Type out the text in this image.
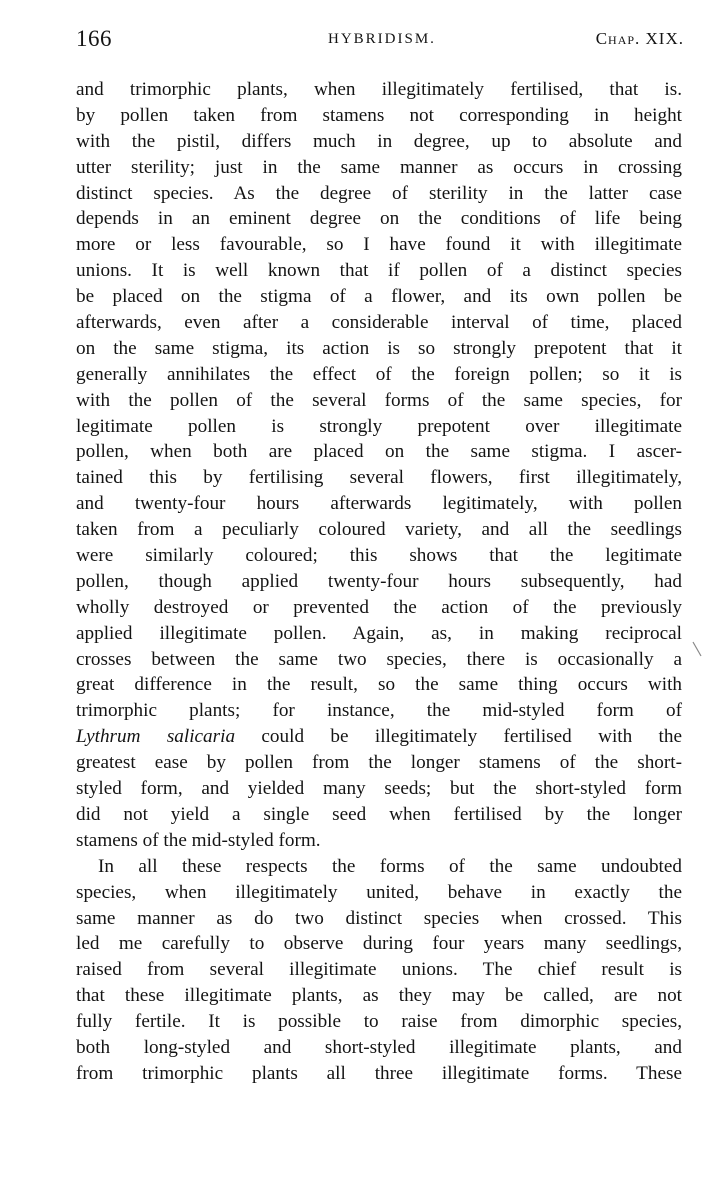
166	HYBRIDISM.	Chap. XIX.
and trimorphic plants, when illegitimately fertilised, that is.
by pollen taken from stamens not corresponding in height
with the pistil, differs much in degree, up to absolute and
utter sterility; just in the same manner as occurs in crossing
distinct species. As the degree of sterility in the latter case
depends in an eminent degree on the conditions of life being
more or less favourable, so I have found it with illegitimate
unions. It is well known that if pollen of a distinct species
be placed on the stigma of a flower, and its own pollen be
afterwards, even after a considerable interval of time, placed
on the same stigma, its action is so strongly prepotent that it
generally annihilates the effect of the foreign pollen; so it is
with the pollen of the several forms of the same species, for
legitimate pollen is strongly prepotent over illegitimate
pollen, when both are placed on the same stigma. I ascer-
tained this by fertilising several flowers, first illegitimately,
and twenty-four hours afterwards legitimately, with pollen
taken from a peculiarly coloured variety, and all the seedlings
were similarly coloured; this shows that the legitimate
pollen, though applied twenty-four hours subsequently, had
wholly destroyed or prevented the action of the previously
applied illegitimate pollen. Again, as, in making reciprocal
crosses between the same two species, there is occasionally a
great difference in the result, so the same thing occurs with
trimorphic plants; for instance, the mid-styled form of
Lythrum salicaria could be illegitimately fertilised with the
greatest ease by pollen from the longer stamens of the short-
styled form, and yielded many seeds; but the short-styled form
did not yield a single seed when fertilised by the longer
stamens of the mid-styled form.
In all these respects the forms of the same undoubted
species, when illegitimately united, behave in exactly the
same manner as do two distinct species when crossed. This
led me carefully to observe during four years many seedlings,
raised from several illegitimate unions. The chief result is
that these illegitimate plants, as they may be called, are not
fully fertile. It is possible to raise from dimorphic species,
both long-styled and short-styled illegitimate plants, and
from trimorphic plants all three illegitimate forms. These
